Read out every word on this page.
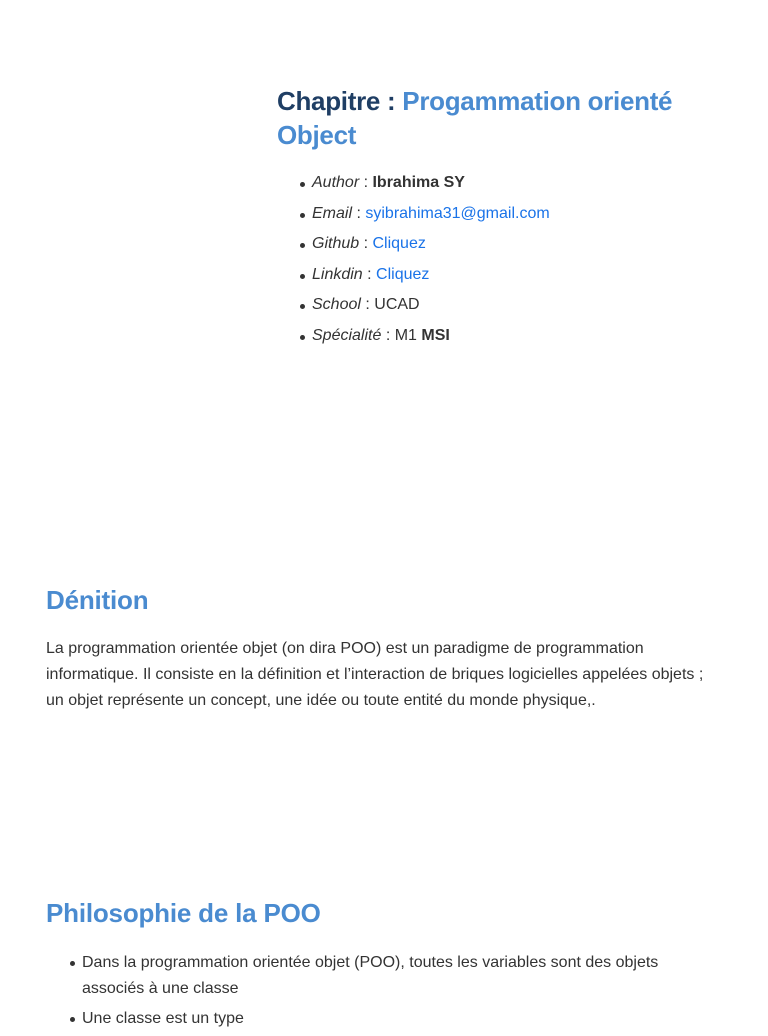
Chapitre : Progammation orienté Object
Author : Ibrahima SY
Email : syibrahima31@gmail.com
Github : Cliquez
Linkdin : Cliquez
School : UCAD
Spécialité : M1 MSI
Dénition

La programmation orientée objet (on dira POO) est un paradigme de programmation informatique. Il consiste en la définition et l’interaction de briques logicielles appelées objets ; un objet représente un concept, une idée ou toute entité du monde physique,.

Philosophie de la POO
Dans la programmation orientée objet (POO), toutes les variables sont des objets associés à une classe
Une classe est un type
